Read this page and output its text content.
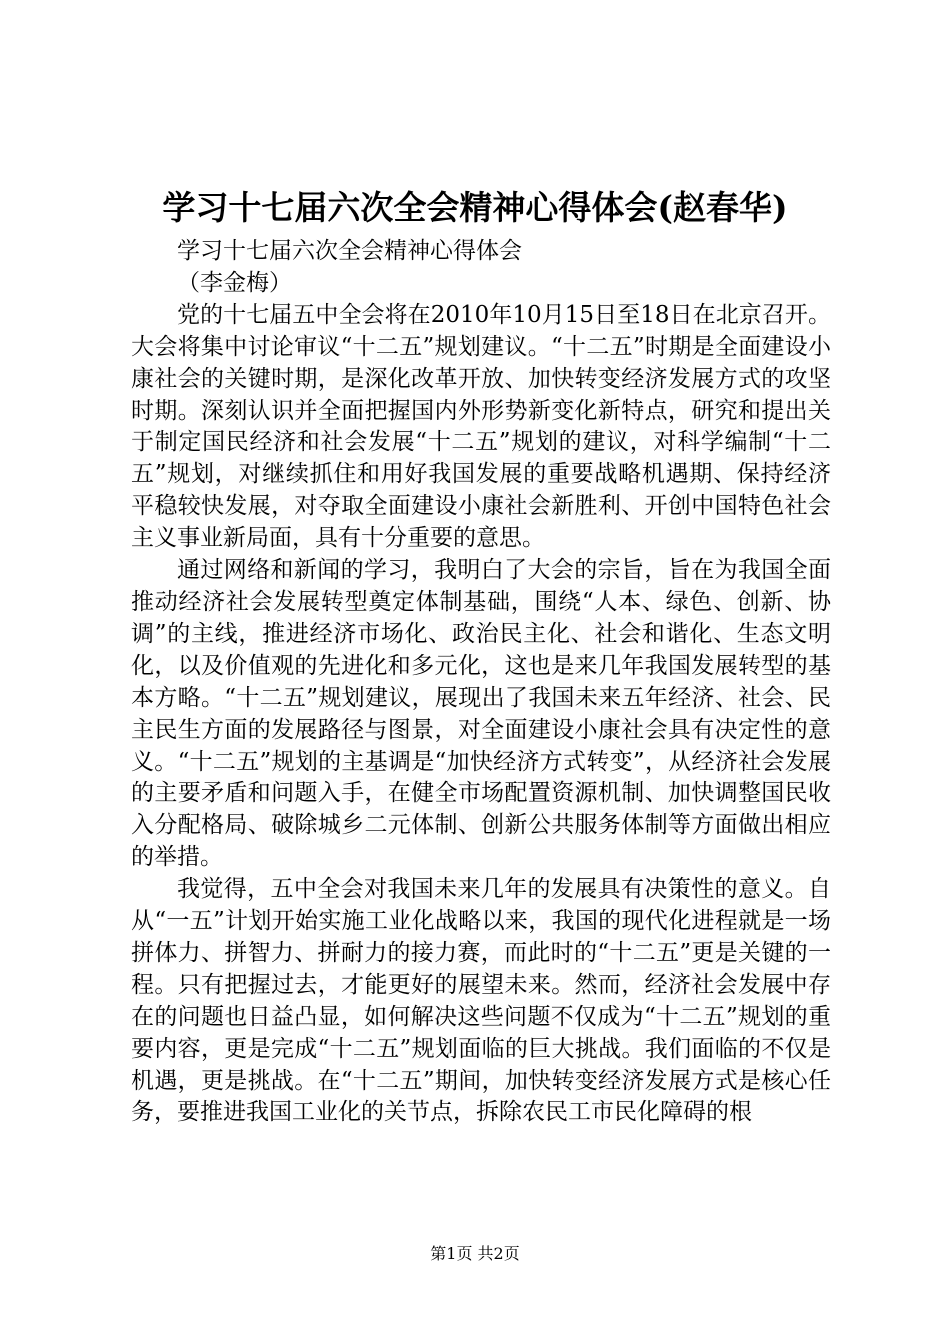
学习十七届六次全会精神心得体会(赵春华)

学习十七届六次全会精神心得体会

（李金梅）

党的十七届五中全会将在2010年10月15日至18日在北京召开。大会将集中讨论审议“十二五”规划建议。“十二五”时期是全面建设小康社会的关键时期，是深化改革开放、加快转变经济发展方式的攻坚时期。深刻认识并全面把握国内外形势新变化新特点，研究和提出关于制定国民经济和社会发展“十二五”规划的建议，对科学编制“十二五”规划，对继续抓住和用好我国发展的重要战略机遇期、保持经济平稳较快发展，对夺取全面建设小康社会新胜利、开创中国特色社会主义事业新局面，具有十分重要的意思。

通过网络和新闻的学习，我明白了大会的宗旨，旨在为我国全面推动经济社会发展转型奠定体制基础，围绕“人本、绿色、创新、协调”的主线，推进经济市场化、政治民主化、社会和谐化、生态文明化，以及价值观的先进化和多元化，这也是来几年我国发展转型的基本方略。“十二五”规划建议，展现出了我国未来五年经济、社会、民主民生方面的发展路径与图景，对全面建设小康社会具有决定性的意义。“十二五”规划的主基调是“加快经济方式转变”，从经济社会发展的主要矛盾和问题入手，在健全市场配置资源机制、加快调整国民收入分配格局、破除城乡二元体制、创新公共服务体制等方面做出相应的举措。

我觉得，五中全会对我国未来几年的发展具有决策性的意义。自从“一五”计划开始实施工业化战略以来，我国的现代化进程就是一场拼体力、拼智力、拼耐力的接力赛，而此时的“十二五”更是关键的一程。只有把握过去，才能更好的展望未来。然而，经济社会发展中存在的问题也日益凸显，如何解决这些问题不仅成为“十二五”规划的重要内容，更是完成“十二五”规划面临的巨大挑战。我们面临的不仅是机遇，更是挑战。在“十二五”期间，加快转变经济发展方式是核心任务，要推进我国工业化的关节点，拆除农民工市民化障碍的根

第1页 共2页
